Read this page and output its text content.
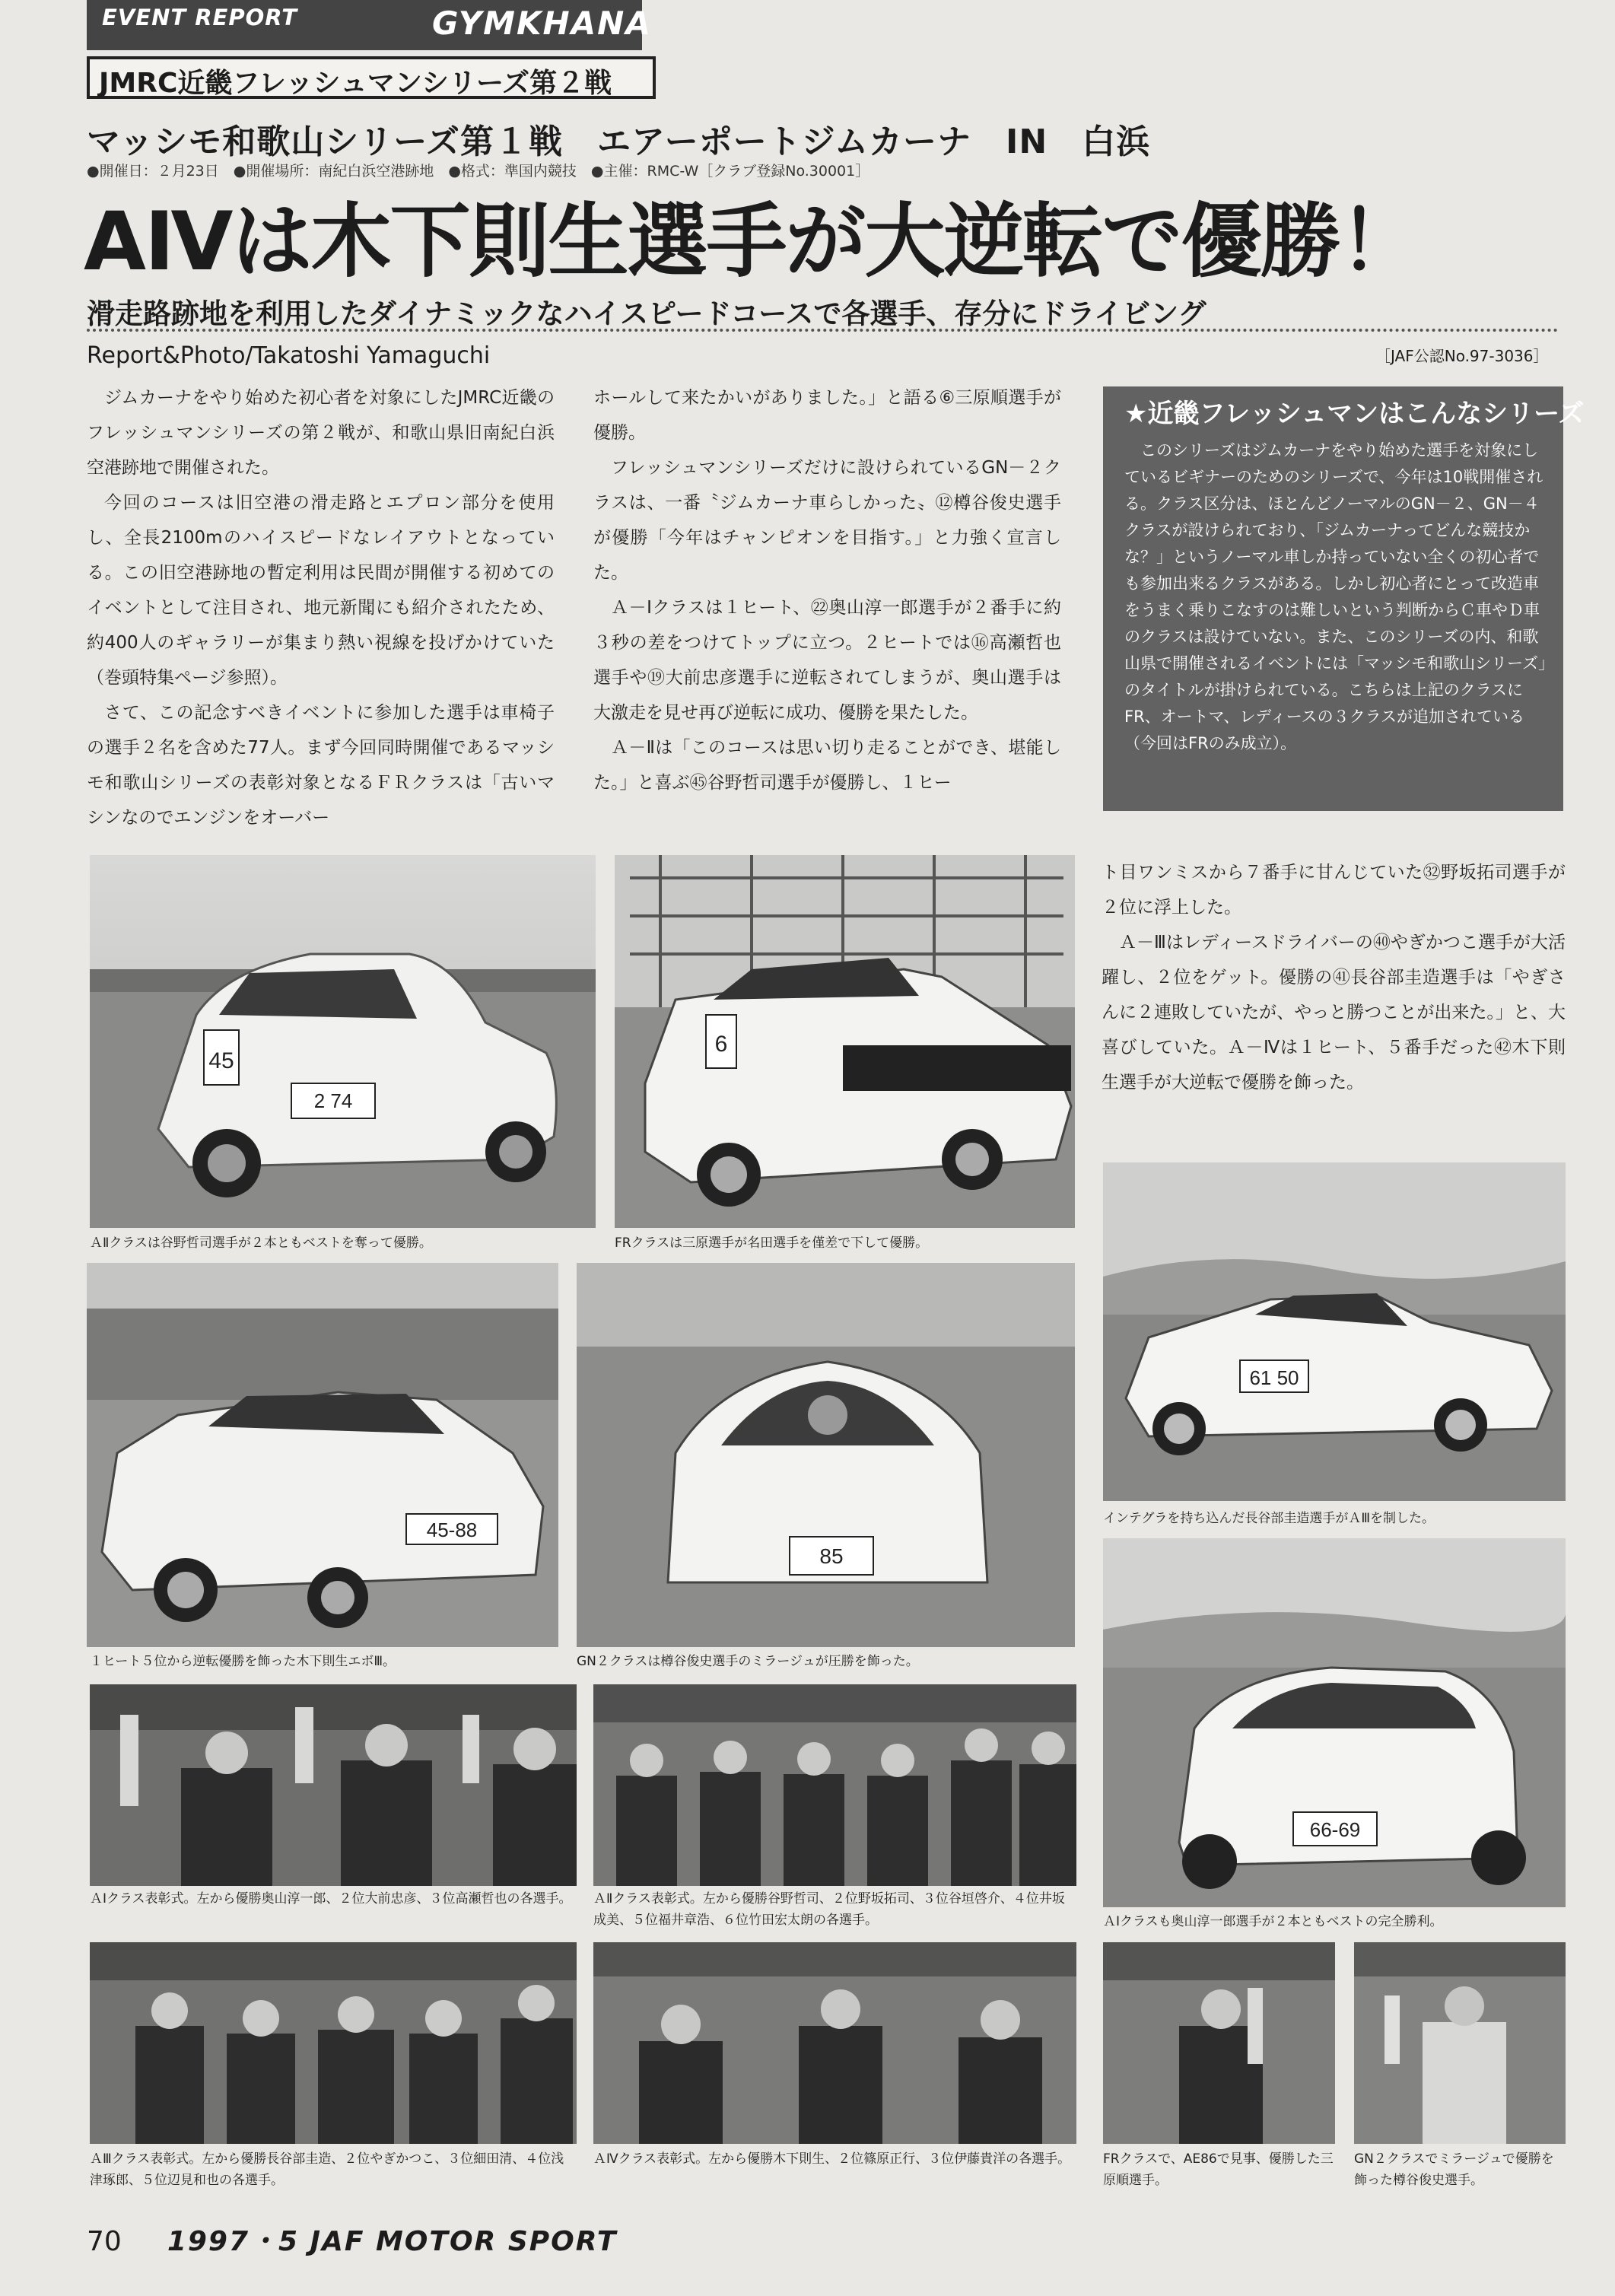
EVENT REPORT	GYMKHANA
JMRC近畿フレッシュマンシリーズ第２戦
マッシモ和歌山シリーズ第１戦　エアーポートジムカーナ　IN　白浜
●開催日：２月23日　●開催場所：南紀白浜空港跡地　●格式：準国内競技　●主催：RMC-W［クラブ登録No.30001］
AⅣは木下則生選手が大逆転で優勝！
滑走路跡地を利用したダイナミックなハイスピードコースで各選手、存分にドライビング
Report&Photo/Takatoshi Yamaguchi	［JAF公認No.97-3036］

ジムカーナをやり始めた初心者を対象にしたJMRC近畿のフレッシュマンシリーズの第２戦が、和歌山県旧南紀白浜空港跡地で開催された。

今回のコースは旧空港の滑走路とエプロン部分を使用し、全長2100mのハイスピードなレイアウトとなっている。この旧空港跡地の暫定利用は民間が開催する初めてのイベントとして注目され、地元新聞にも紹介されたため、約400人のギャラリーが集まり熱い視線を投げかけていた（巻頭特集ページ参照）。

さて、この記念すべきイベントに参加した選手は車椅子の選手２名を含めた77人。まず今回同時開催であるマッシモ和歌山シリーズの表彰対象となるＦＲクラスは「古いマシンなのでエンジンをオーバー

ホールして来たかいがありました。」と語る⑥三原順選手が優勝。

フレッシュマンシリーズだけに設けられているGN－２クラスは、一番〝ジムカーナ車らしかった〟⑫樽谷俊史選手が優勝「今年はチャンピオンを目指す。」と力強く宣言した。

Ａ－Ⅰクラスは１ヒート、㉒奥山淳一郎選手が２番手に約３秒の差をつけてトップに立つ。２ヒートでは⑯高瀬哲也選手や⑲大前忠彦選手に逆転されてしまうが、奥山選手は大激走を見せ再び逆転に成功、優勝を果たした。

Ａ－Ⅱは「このコースは思い切り走ることができ、堪能した。」と喜ぶ㊺谷野哲司選手が優勝し、１ヒー

★近畿フレッシュマンはこんなシリーズ
このシリーズはジムカーナをやり始めた選手を対象にしているビギナーのためのシリーズで、今年は10戦開催される。クラス区分は、ほとんどノーマルのGN－２、GN－４クラスが設けられており、「ジムカーナってどんな競技かな？」というノーマル車しか持っていない全くの初心者でも参加出来るクラスがある。しかし初心者にとって改造車をうまく乗りこなすのは難しいという判断からＣ車やＤ車のクラスは設けていない。また、このシリーズの内、和歌山県で開催されるイベントには「マッシモ和歌山シリーズ」のタイトルが掛けられている。こちらは上記のクラスにFR、オートマ、レディースの３クラスが追加されている（今回はFRのみ成立）。

ト目ワンミスから７番手に甘んじていた㉜野坂拓司選手が２位に浮上した。

Ａ－Ⅲはレディースドライバーの㊵やぎかつこ選手が大活躍し、２位をゲット。優勝の㊶長谷部圭造選手は「やぎさんに２連敗していたが、やっと勝つことが出来た。」と、大喜びしていた。Ａ－Ⅳは１ヒート、５番手だった㊷木下則生選手が大逆転で優勝を飾った。

2 74
45
ＡⅡクラスは谷野哲司選手が２本ともベストを奪って優勝。
6
FRクラスは三原選手が名田選手を僅差で下して優勝。
61 50
インテグラを持ち込んだ長谷部圭造選手がＡⅢを制した。
45-88
１ヒート５位から逆転優勝を飾った木下則生エボⅢ。
85
GN２クラスは樽谷俊史選手のミラージュが圧勝を飾った。
66-69
ＡⅠクラスも奥山淳一郎選手が２本ともベストの完全勝利。
ＡⅠクラス表彰式。左から優勝奥山淳一郎、２位大前忠彦、３位高瀬哲也の各選手。	ＡⅡクラス表彰式。左から優勝谷野哲司、２位野坂拓司、３位谷垣啓介、４位井坂成美、５位福井章浩、６位竹田宏太朗の各選手。
ＡⅢクラス表彰式。左から優勝長谷部圭造、２位やぎかつこ、３位細田清、４位浅津琢郎、５位辺見和也の各選手。
ＡⅣクラス表彰式。左から優勝木下則生、２位篠原正行、３位伊藤貴洋の各選手。	FRクラスで、AE86で見事、優勝した三原順選手。
GN２クラスでミラージュで優勝を飾った樽谷俊史選手。
70 1997・5 JAF MOTOR SPORT
